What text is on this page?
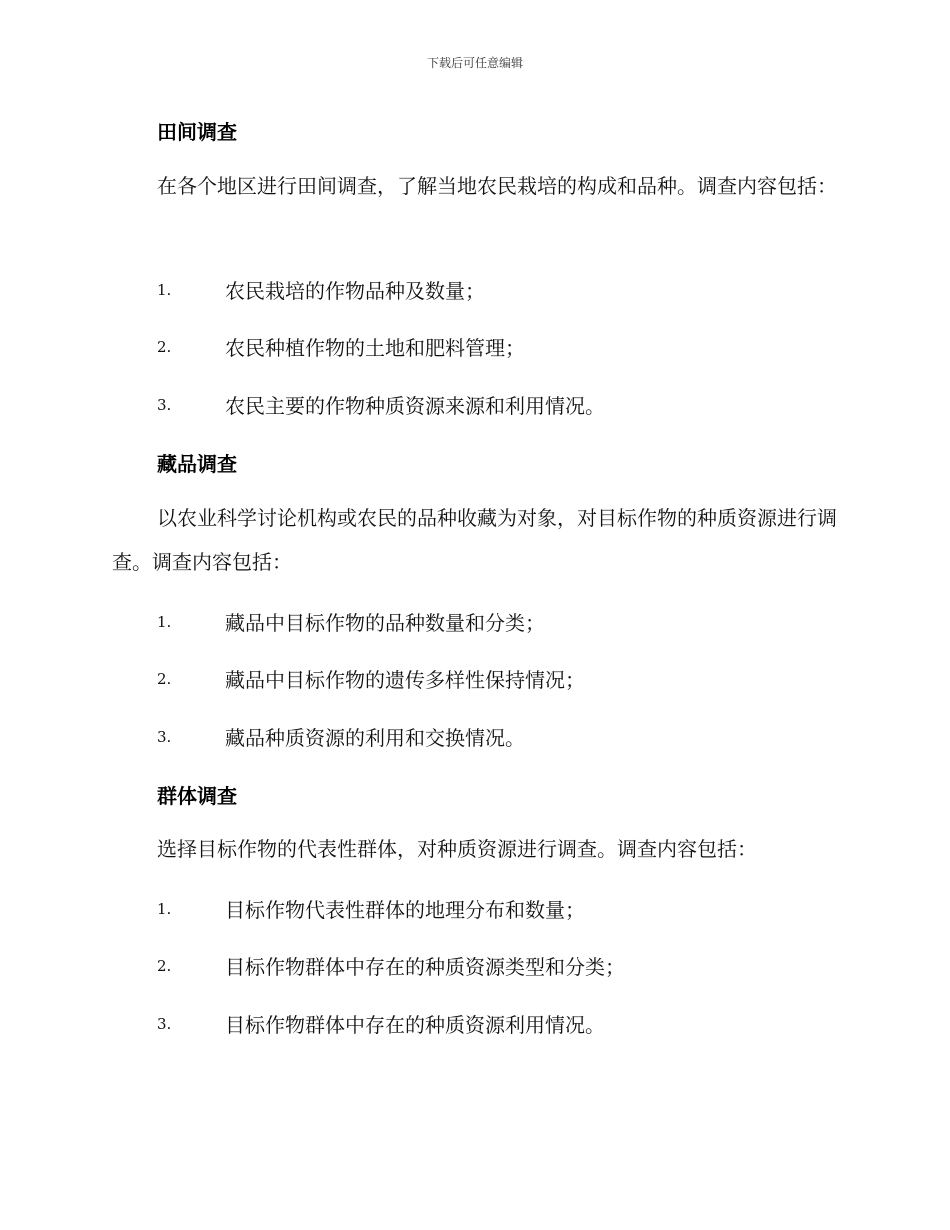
下载后可任意编辑
田间调查
在各个地区进行田间调查，了解当地农民栽培的构成和品种。调查内容包括：
1.	农民栽培的作物品种及数量；
2.	农民种植作物的土地和肥料管理；
3.	农民主要的作物种质资源来源和利用情况。
藏品调查
以农业科学讨论机构或农民的品种收藏为对象，对目标作物的种质资源进行调查。调查内容包括：
1.	藏品中目标作物的品种数量和分类；
2.	藏品中目标作物的遗传多样性保持情况；
3.	藏品种质资源的利用和交换情况。
群体调查
选择目标作物的代表性群体，对种质资源进行调查。调查内容包括：
1.	目标作物代表性群体的地理分布和数量；
2.	目标作物群体中存在的种质资源类型和分类；
3.	目标作物群体中存在的种质资源利用情况。
